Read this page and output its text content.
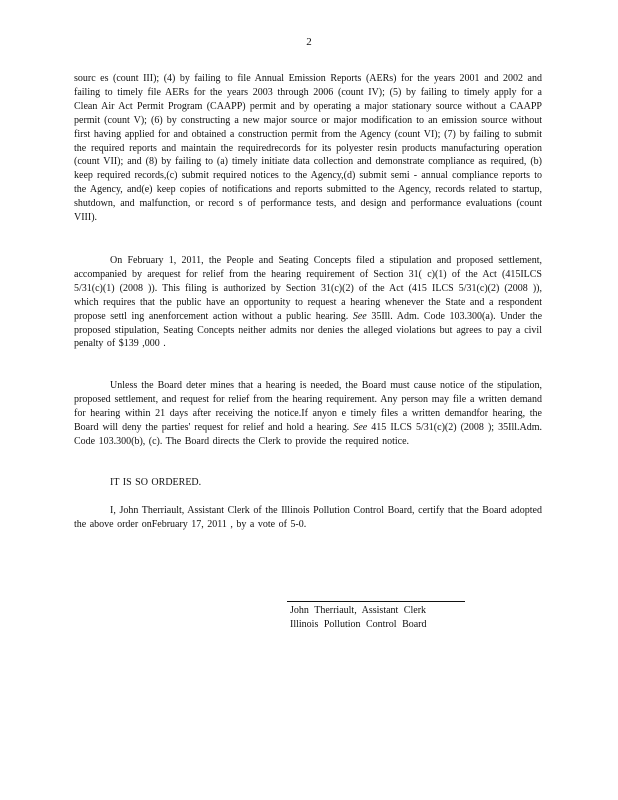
2

sourc es (count III); (4) by failing to file Annual Emission Reports (AERs) for the years 2001 and 2002 and failing to timely file AERs for the years 2003 through 2006 (count IV); (5) by failing to timely apply for a Clean Air Act Permit Program (CAAPP) permit and by operating a major stationary source without a CAAPP permit (count V); (6) by constructing a new major source or major modification to an emission source without first having applied for and obtained a construction permit from the Agency (count VI); (7) by failing to submit the required reports and maintain the requiredrecords for its polyester resin products manufacturing operation (count VII); and (8) by failing to (a) timely initiate data collection and demonstrate compliance as required, (b) keep required records,(c) submit required notices to the Agency,(d) submit semi - annual compliance reports to the Agency, and(e) keep copies of notifications and reports submitted to the Agency, records related to startup, shutdown, and malfunction, or record s of performance tests, and design and performance evaluations (count VIII).

On February 1, 2011, the People and Seating Concepts filed a stipulation and proposed settlement, accompanied by arequest for relief from the hearing requirement of Section 31( c)(1) of the Act (415ILCS 5/31(c)(1) (2008 )). This filing is authorized by Section 31(c)(2) of the Act (415 ILCS 5/31(c)(2) (2008 )), which requires that the public have an opportunity to request a hearing whenever the State and a respondent propose settl ing anenforcement action without a public hearing. See 35Ill. Adm. Code 103.300(a). Under the proposed stipulation, Seating Concepts neither admits nor denies the alleged violations but agrees to pay a civil penalty of $139 ,000 .

Unless the Board deter mines that a hearing is needed, the Board must cause notice of the stipulation, proposed settlement, and request for relief from the hearing requirement. Any person may file a written demand for hearing within 21 days after receiving the notice.If anyon e timely files a written demandfor hearing, the Board will deny the parties' request for relief and hold a hearing. See 415 ILCS 5/31(c)(2) (2008 ); 35Ill.Adm. Code 103.300(b), (c). The Board directs the Clerk to provide the required notice.

IT IS SO ORDERED.

I, John Therriault, Assistant Clerk of the Illinois Pollution Control Board, certify that the Board adopted the above order onFebruary 17, 2011 , by a vote of 5-0.

John Therriault, Assistant Clerk
Illinois Pollution Control Board
